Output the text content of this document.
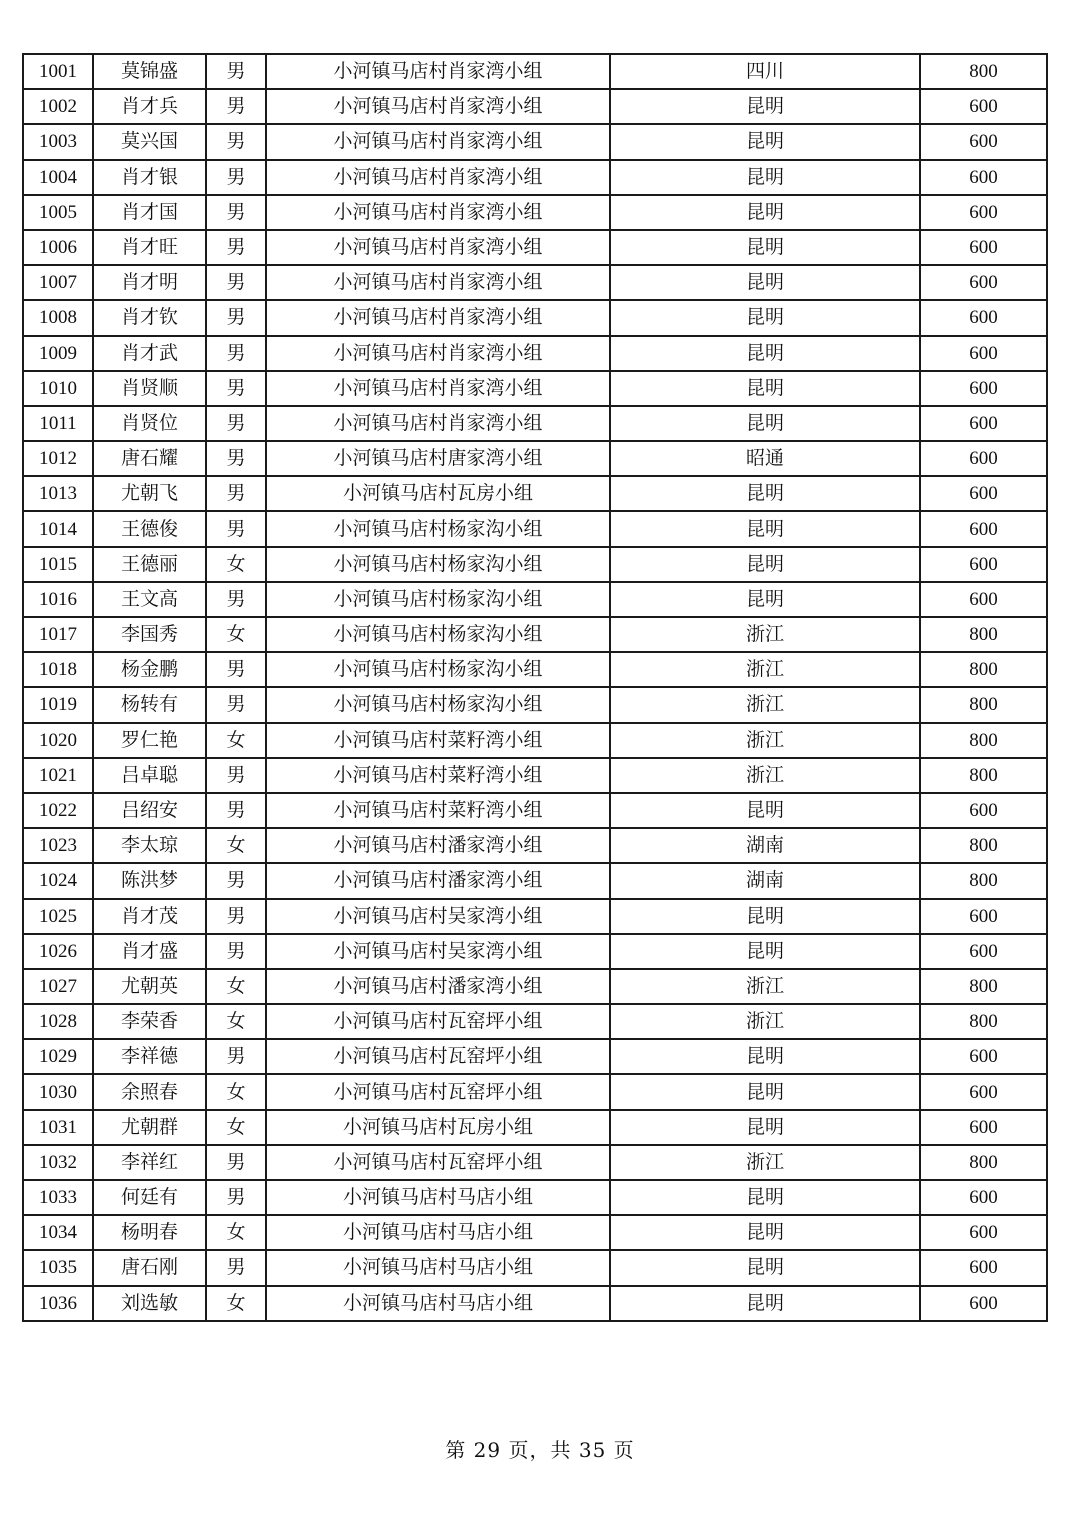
1001	莫锦盛	男	小河镇马店村肖家湾小组	四川	800
1002	肖才兵	男	小河镇马店村肖家湾小组	昆明	600
1003	莫兴国	男	小河镇马店村肖家湾小组	昆明	600
1004	肖才银	男	小河镇马店村肖家湾小组	昆明	600
1005	肖才国	男	小河镇马店村肖家湾小组	昆明	600
1006	肖才旺	男	小河镇马店村肖家湾小组	昆明	600
1007	肖才明	男	小河镇马店村肖家湾小组	昆明	600
1008	肖才钦	男	小河镇马店村肖家湾小组	昆明	600
1009	肖才武	男	小河镇马店村肖家湾小组	昆明	600
1010	肖贤顺	男	小河镇马店村肖家湾小组	昆明	600
1011	肖贤位	男	小河镇马店村肖家湾小组	昆明	600
1012	唐石耀	男	小河镇马店村唐家湾小组	昭通	600
1013	尤朝飞	男	小河镇马店村瓦房小组	昆明	600
1014	王德俊	男	小河镇马店村杨家沟小组	昆明	600
1015	王德丽	女	小河镇马店村杨家沟小组	昆明	600
1016	王文高	男	小河镇马店村杨家沟小组	昆明	600
1017	李国秀	女	小河镇马店村杨家沟小组	浙江	800
1018	杨金鹏	男	小河镇马店村杨家沟小组	浙江	800
1019	杨转有	男	小河镇马店村杨家沟小组	浙江	800
1020	罗仁艳	女	小河镇马店村菜籽湾小组	浙江	800
1021	吕卓聪	男	小河镇马店村菜籽湾小组	浙江	800
1022	吕绍安	男	小河镇马店村菜籽湾小组	昆明	600
1023	李太琼	女	小河镇马店村潘家湾小组	湖南	800
1024	陈洪梦	男	小河镇马店村潘家湾小组	湖南	800
1025	肖才茂	男	小河镇马店村吴家湾小组	昆明	600
1026	肖才盛	男	小河镇马店村吴家湾小组	昆明	600
1027	尤朝英	女	小河镇马店村潘家湾小组	浙江	800
1028	李荣香	女	小河镇马店村瓦窑坪小组	浙江	800
1029	李祥德	男	小河镇马店村瓦窑坪小组	昆明	600
1030	余照春	女	小河镇马店村瓦窑坪小组	昆明	600
1031	尤朝群	女	小河镇马店村瓦房小组	昆明	600
1032	李祥红	男	小河镇马店村瓦窑坪小组	浙江	800
1033	何廷有	男	小河镇马店村马店小组	昆明	600
1034	杨明春	女	小河镇马店村马店小组	昆明	600
1035	唐石刚	男	小河镇马店村马店小组	昆明	600
1036	刘选敏	女	小河镇马店村马店小组	昆明	600
第 29 页，共 35 页
